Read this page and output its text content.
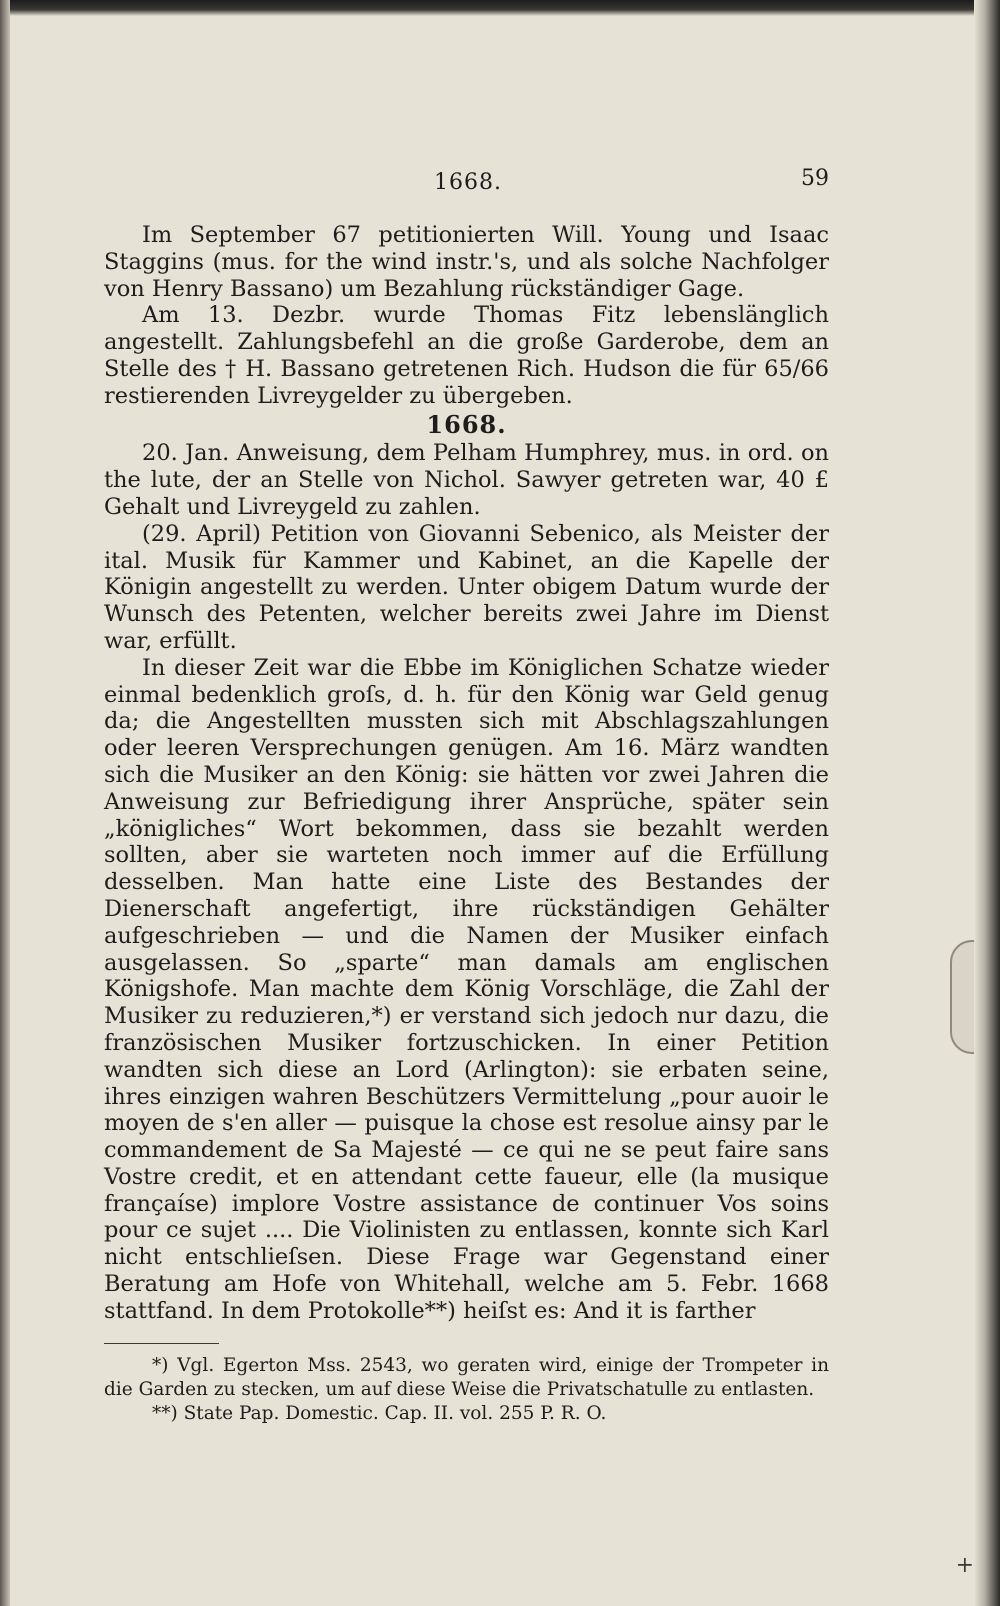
1668.	59

Im September 67 petitionierten Will. Young und Isaac Staggins (mus. for the wind instr.'s, und als solche Nachfolger von Henry Bassano) um Bezahlung rückständiger Gage.

Am 13. Dezbr. wurde Thomas Fitz lebenslänglich angestellt. Zahlungsbefehl an die große Garderobe, dem an Stelle des † H. Bassano getretenen Rich. Hudson die für 65/66 restierenden Livreygelder zu übergeben.

1668.

20. Jan. Anweisung, dem Pelham Humphrey, mus. in ord. on the lute, der an Stelle von Nichol. Sawyer getreten war, 40 £ Gehalt und Livreygeld zu zahlen.

(29. April) Petition von Giovanni Sebenico, als Meister der ital. Musik für Kammer und Kabinet, an die Kapelle der Königin angestellt zu werden. Unter obigem Datum wurde der Wunsch des Petenten, welcher bereits zwei Jahre im Dienst war, erfüllt.

In dieser Zeit war die Ebbe im Königlichen Schatze wieder einmal bedenklich groſs, d. h. für den König war Geld genug da; die Angestellten mussten sich mit Abschlagszahlungen oder leeren Versprechungen genügen. Am 16. März wandten sich die Musiker an den König: sie hätten vor zwei Jahren die Anweisung zur Befriedigung ihrer Ansprüche, später sein „königliches“ Wort bekommen, dass sie bezahlt werden sollten, aber sie warteten noch immer auf die Erfüllung desselben. Man hatte eine Liste des Bestandes der Dienerschaft angefertigt, ihre rückständigen Gehälter aufgeschrieben — und die Namen der Musiker einfach ausgelassen. So „sparte“ man damals am englischen Königshofe. Man machte dem König Vorschläge, die Zahl der Musiker zu reduzieren,*) er verstand sich jedoch nur dazu, die französischen Musiker fortzuschicken. In einer Petition wandten sich diese an Lord (Arlington): sie erbaten seine, ihres einzigen wahren Beschützers Vermittelung „pour auoir le moyen de s'en aller — puisque la chose est resolue ainsy par le commandement de Sa Majesté — ce qui ne se peut faire sans Vostre credit, et en attendant cette faueur, elle (la musique françaíse) implore Vostre assistance de continuer Vos soins pour ce sujet .... Die Violinisten zu entlassen, konnte sich Karl nicht entschlieſsen. Diese Frage war Gegenstand einer Beratung am Hofe von Whitehall, welche am 5. Febr. 1668 stattfand. In dem Protokolle**) heiſst es: And it is farther

*) Vgl. Egerton Mss. 2543, wo geraten wird, einige der Trompeter in die Garden zu stecken, um auf diese Weise die Privatschatulle zu entlasten.

**) State Pap. Domestic. Cap. II. vol. 255 P. R. O.

+
